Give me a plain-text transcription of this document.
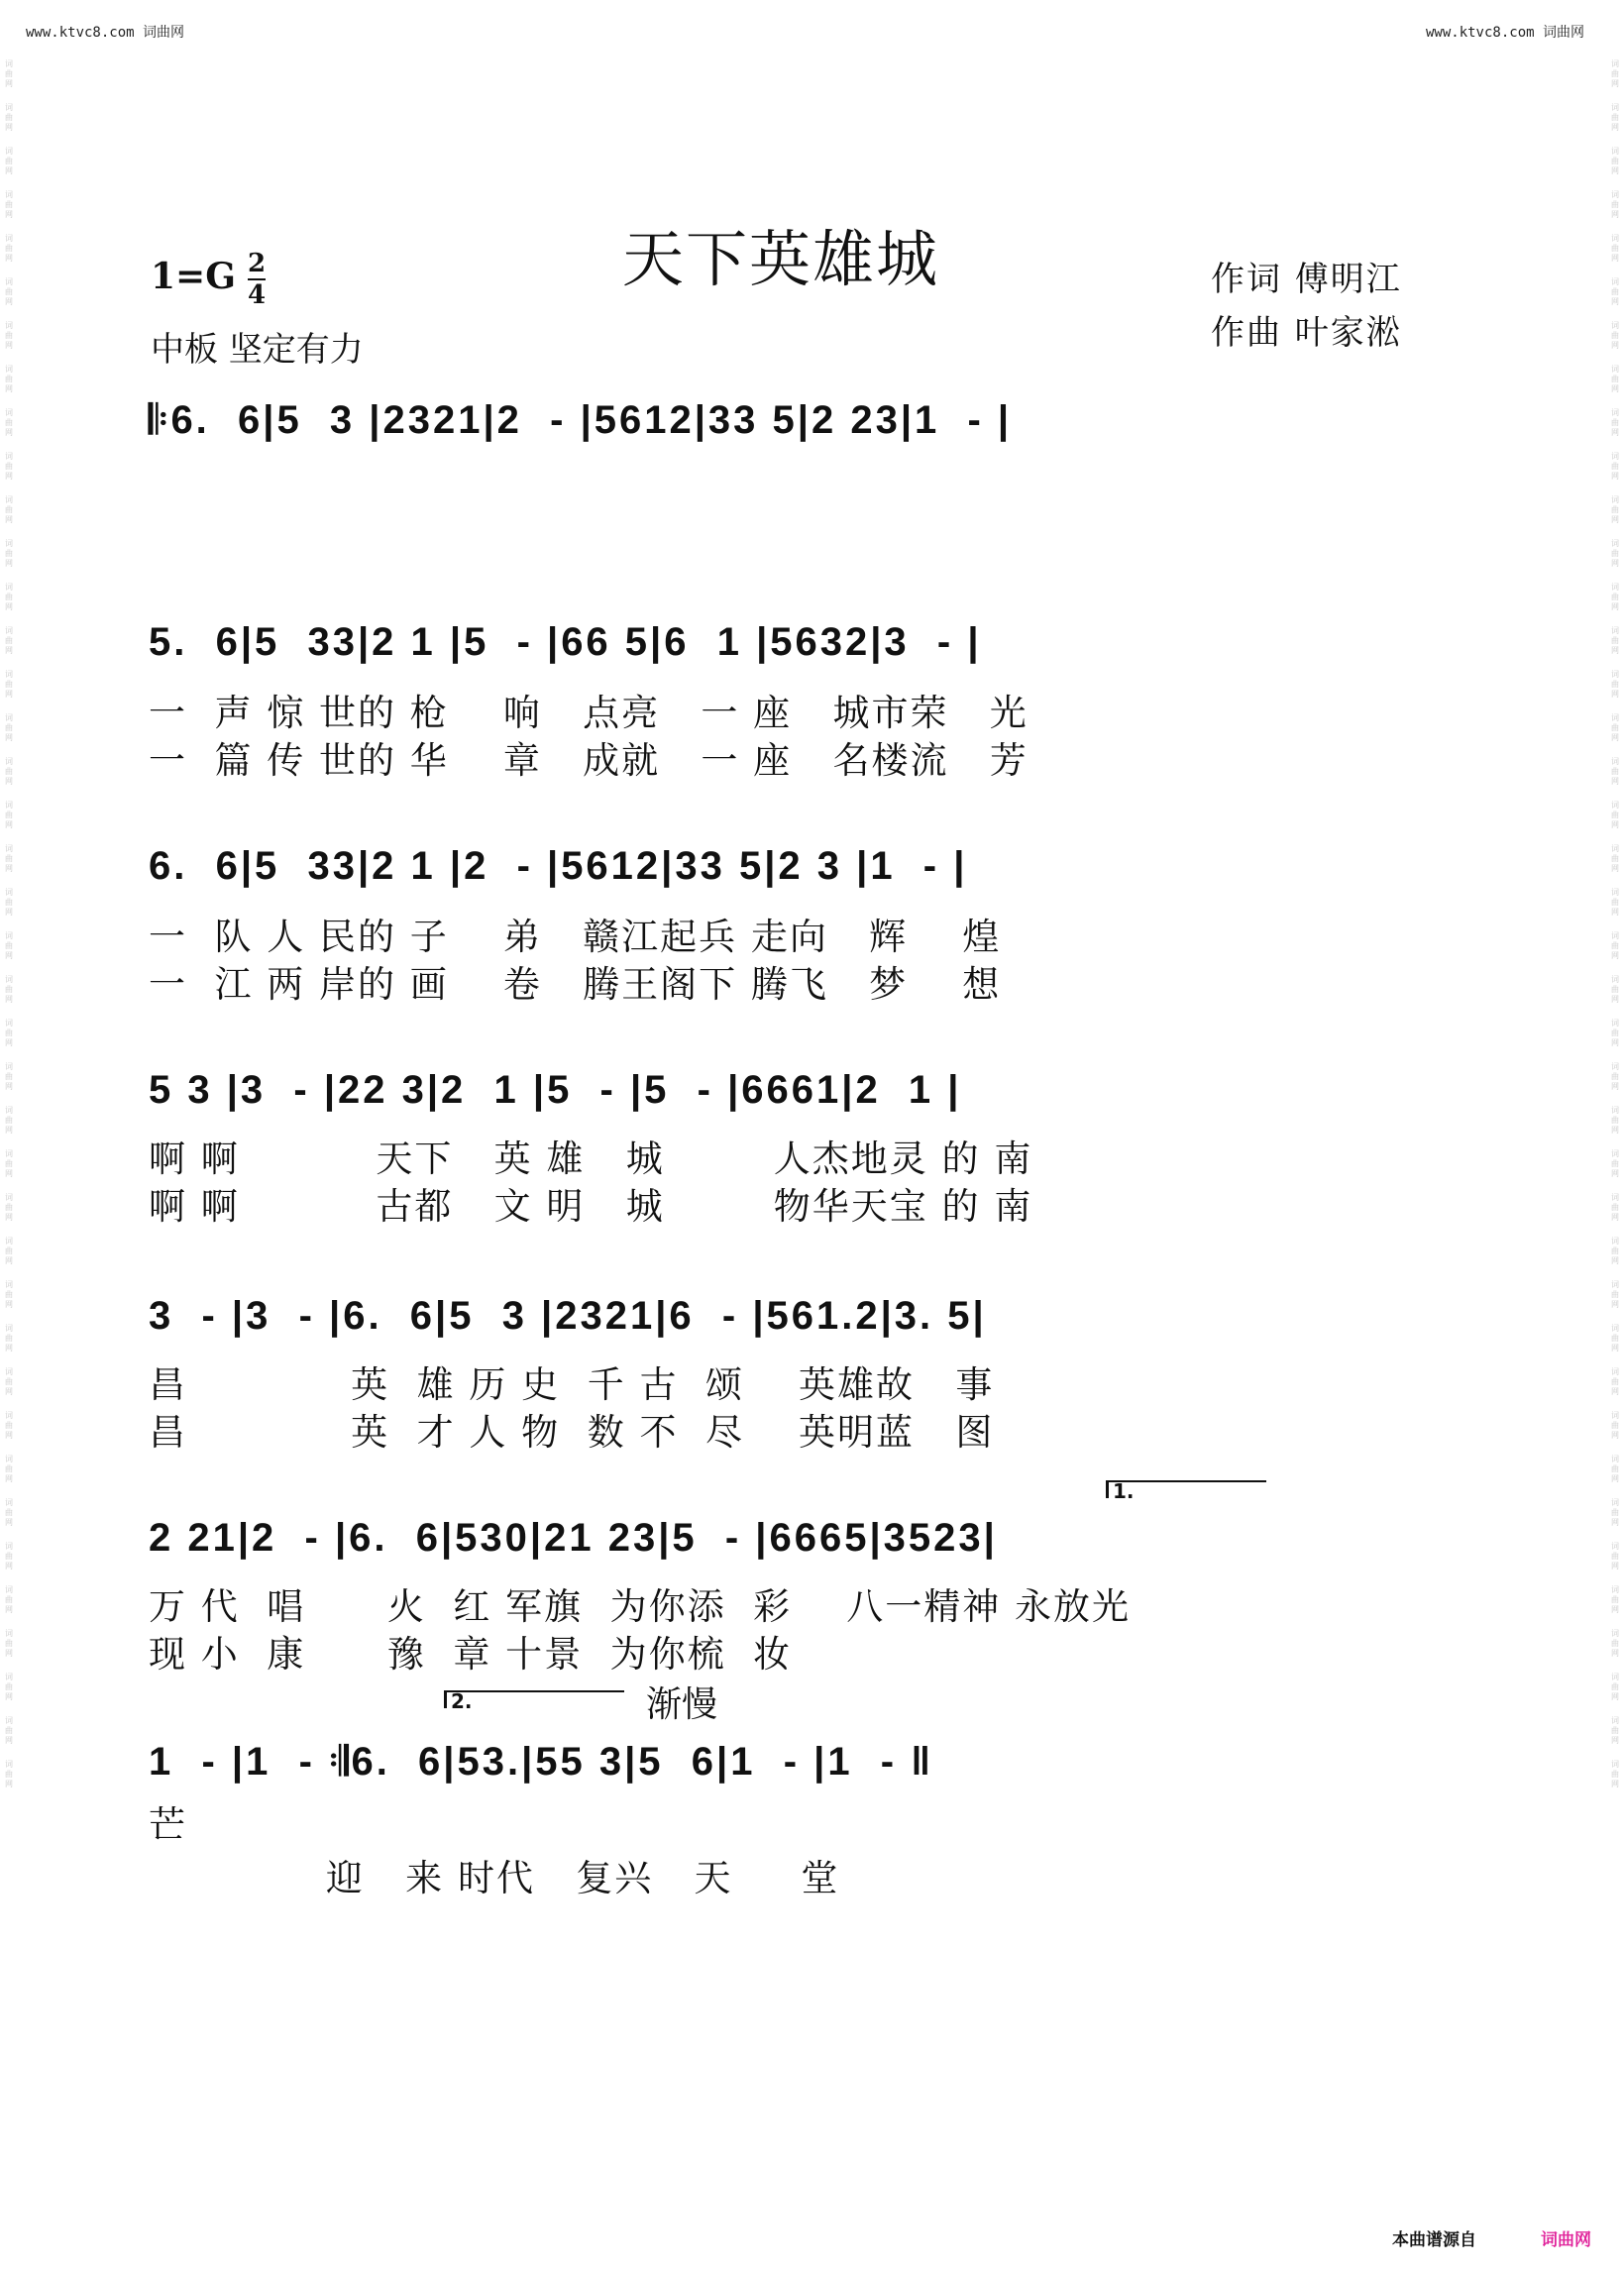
www.ktvc8.com 词曲网	www.ktvc8.com 词曲网
词曲网
词曲网
词曲网
词曲网
词曲网
词曲网
词曲网
词曲网
词曲网
词曲网
词曲网
词曲网
词曲网
词曲网
词曲网
词曲网
词曲网
词曲网
词曲网
词曲网
词曲网
词曲网
词曲网
词曲网
词曲网
词曲网
词曲网
词曲网
词曲网
词曲网
词曲网
词曲网
词曲网
词曲网
词曲网
词曲网
词曲网
词曲网
词曲网
词曲网
词曲网
词曲网
词曲网
词曲网
词曲网
词曲网
词曲网
词曲网
词曲网
词曲网
词曲网
词曲网
词曲网
词曲网
词曲网
词曲网
词曲网
词曲网
词曲网
词曲网
词曲网
词曲网
词曲网
词曲网
词曲网
词曲网
词曲网
词曲网
词曲网
词曲网
词曲网
词曲网
词曲网
词曲网
词曲网
词曲网
词曲网
词曲网
词曲网
词曲网
天下英雄城
1=G 2
4
中板 坚定有力
作词 傅明江
作曲 叶家淞
𝄆6.  6|5  3 |2321|2  - |5612|33 5|2 23|1  - |
5.  6|5  33|2 1 |5  - |66 5|6  1 |5632|3  - |
一  声 惊 世的 枪    响   点亮   一 座   城市荣   光
一  篇 传 世的 华    章   成就   一 座   名楼流   芳
6.  6|5  33|2 1 |2  - |5612|33 5|2 3 |1  - |
一  队 人 民的 子    弟   赣江起兵 走向   辉    煌
一  江 两 岸的 画    卷   腾王阁下 腾飞   梦    想
5 3 |3  - |22 3|2  1 |5  - |5  - |6661|2  1 |
啊 啊          天下   英 雄   城        人杰地灵 的 南
啊 啊          古都   文 明   城        物华天宝 的 南
3  - |3  - |6.  6|5  3 |2321|6  - |561.2|3. 5|
昌            英  雄 历 史  千 古  颂    英雄故   事
昌            英  才 人 物  数 不  尽    英明蓝   图
1.
2 21|2  - |6.  6|530|21 23|5  - |6665|3523|
万 代  唱      火  红 军旗  为你添  彩    八一精神 永放光
现 小  康      豫  章 十景  为你梳  妆
2.	渐慢
1  - |1  - 𝄇6.  6|53.|55 3|5  6|1  - |1  - ‖
芒
迎   来 时代   复兴   天     堂
本曲谱源自	词曲网
